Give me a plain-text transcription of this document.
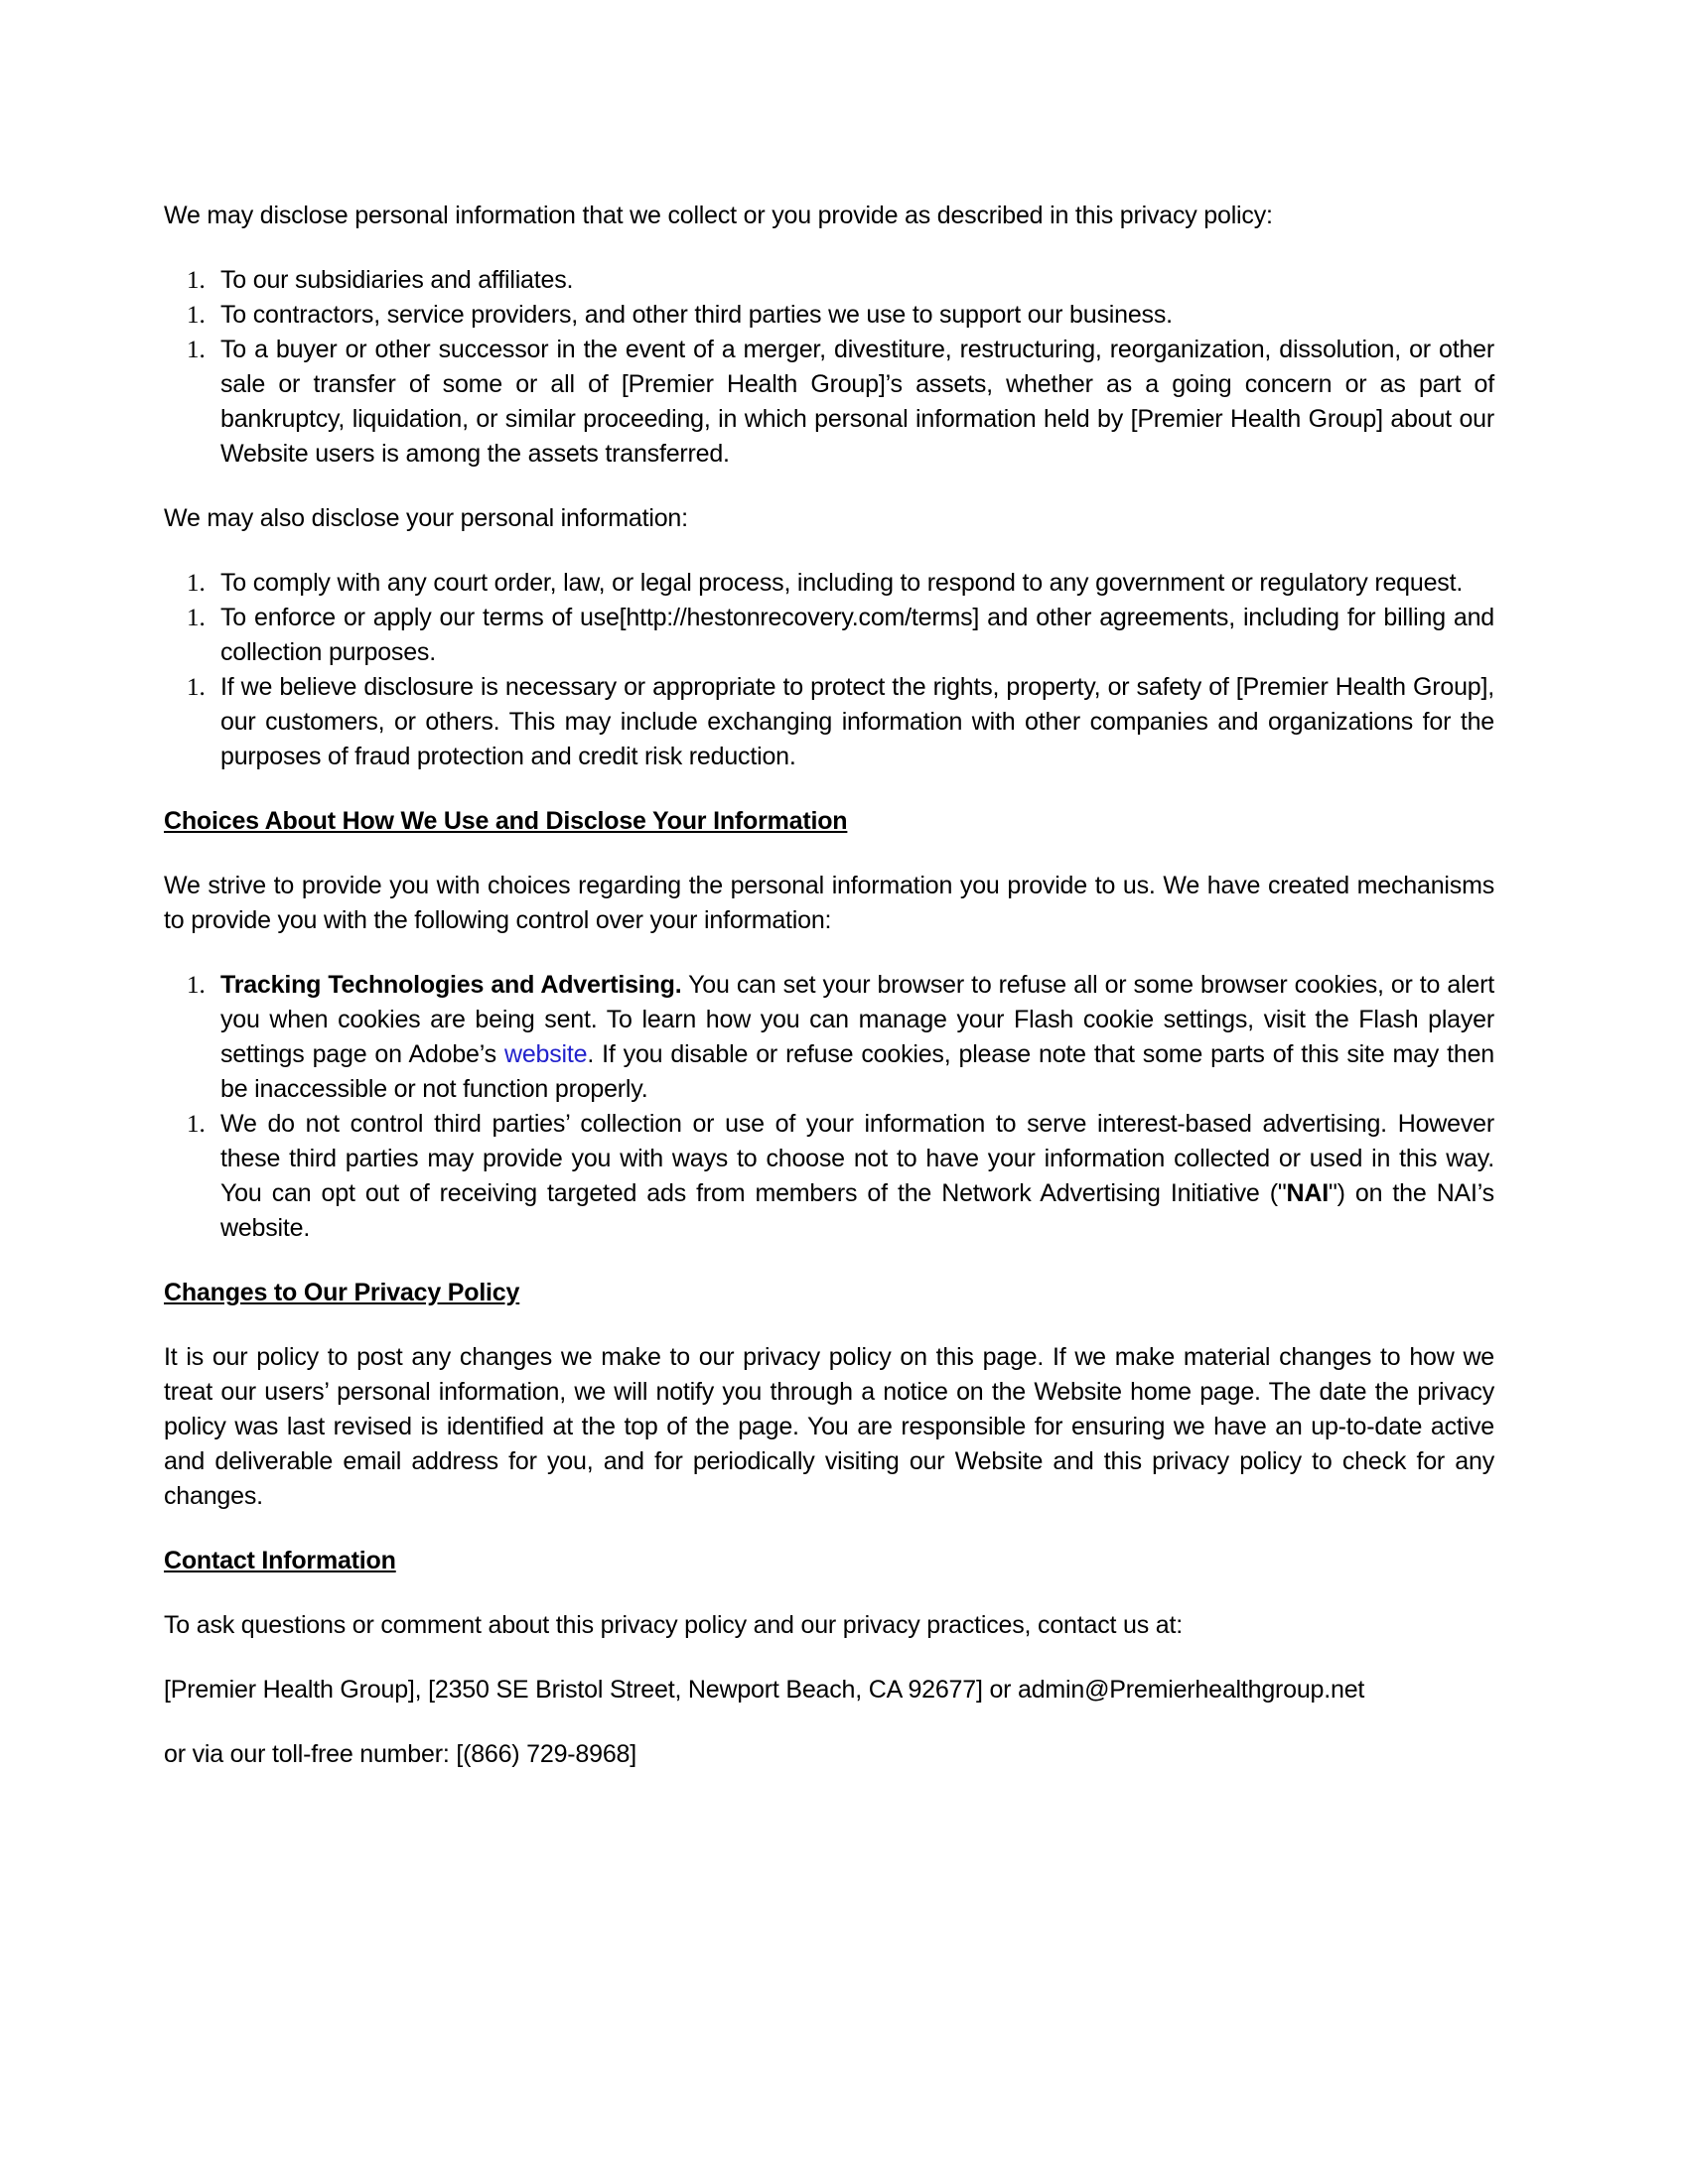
We may disclose personal information that we collect or you provide as described in this privacy policy:

1. To our subsidiaries and affiliates.
1. To contractors, service providers, and other third parties we use to support our business.
1. To a buyer or other successor in the event of a merger, divestiture, restructuring, reorganization, dissolution, or other sale or transfer of some or all of [Premier Health Group]’s assets, whether as a going concern or as part of bankruptcy, liquidation, or similar proceeding, in which personal information held by [Premier Health Group] about our Website users is among the assets transferred.

We may also disclose your personal information:

1. To comply with any court order, law, or legal process, including to respond to any government or regulatory request.
1. To enforce or apply our terms of use[http://hestonrecovery.com/terms] and other agreements, including for billing and collection purposes.
1. If we believe disclosure is necessary or appropriate to protect the rights, property, or safety of [Premier Health Group], our customers, or others. This may include exchanging information with other companies and organizations for the purposes of fraud protection and credit risk reduction.
Choices About How We Use and Disclose Your Information

We strive to provide you with choices regarding the personal information you provide to us. We have created mechanisms to provide you with the following control over your information:

1. Tracking Technologies and Advertising. You can set your browser to refuse all or some browser cookies, or to alert you when cookies are being sent. To learn how you can manage your Flash cookie settings, visit the Flash player settings page on Adobe’s website. If you disable or refuse cookies, please note that some parts of this site may then be inaccessible or not function properly.
1. We do not control third parties’ collection or use of your information to serve interest-based advertising. However these third parties may provide you with ways to choose not to have your information collected or used in this way. You can opt out of receiving targeted ads from members of the Network Advertising Initiative ("NAI") on the NAI’s website.
Changes to Our Privacy Policy

It is our policy to post any changes we make to our privacy policy on this page. If we make material changes to how we treat our users’ personal information, we will notify you through a notice on the Website home page. The date the privacy policy was last revised is identified at the top of the page. You are responsible for ensuring we have an up-to-date active and deliverable email address for you, and for periodically visiting our Website and this privacy policy to check for any changes.

Contact Information

To ask questions or comment about this privacy policy and our privacy practices, contact us at:

[Premier Health Group], [2350 SE Bristol Street, Newport Beach, CA 92677] or admin@Premierhealthgroup.net

or via our toll-free number: [(866) 729-8968]
